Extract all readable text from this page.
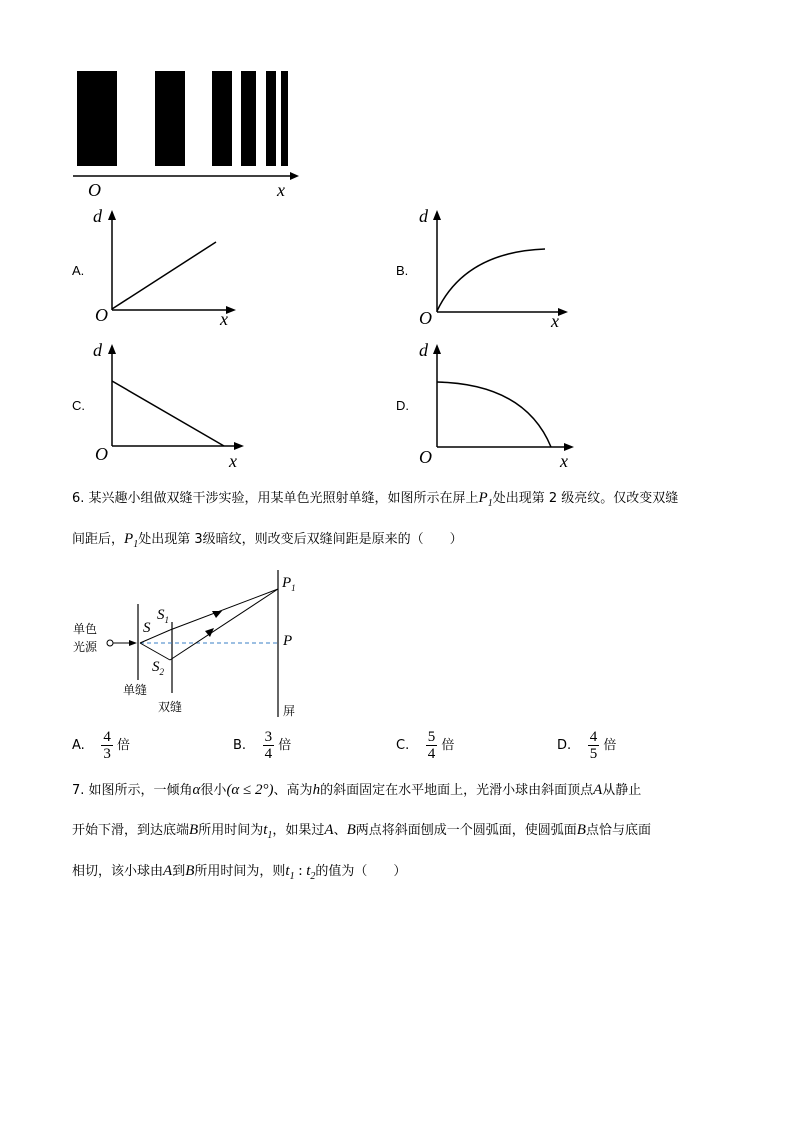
O	x
A.
d
O	x
B.
d
O	x
C.
d
O	x
D.
d
O	x
6. 某兴趣小组做双缝干涉实验，用某单色光照射单缝，如图所示在屏上$P_1$处出现第 2 级亮纹。仅改变双缝
间距后，$P_1$处出现第 3级暗纹，则改变后双缝间距是原来的（　　）
单色
光源
S
$S_1$
$S_2$
$P_1$
P
单缝
双缝	屏
A. $\frac{4}{3}$ 倍	B. $\frac{3}{4}$ 倍	C. $\frac{5}{4}$ 倍	D. $\frac{4}{5}$ 倍
7. 如图所示，一倾角α很小(α ≤ 2°)、高为h的斜面固定在水平地面上，光滑小球由斜面顶点A从静止
开始下滑，到达底端B所用时间为$t_1$，如果过A、B两点将斜面刨成一个圆弧面，使圆弧面B点恰与底面
相切，该小球由A到B所用时间为，则$t_1$ : $t_2$的值为（　　）
